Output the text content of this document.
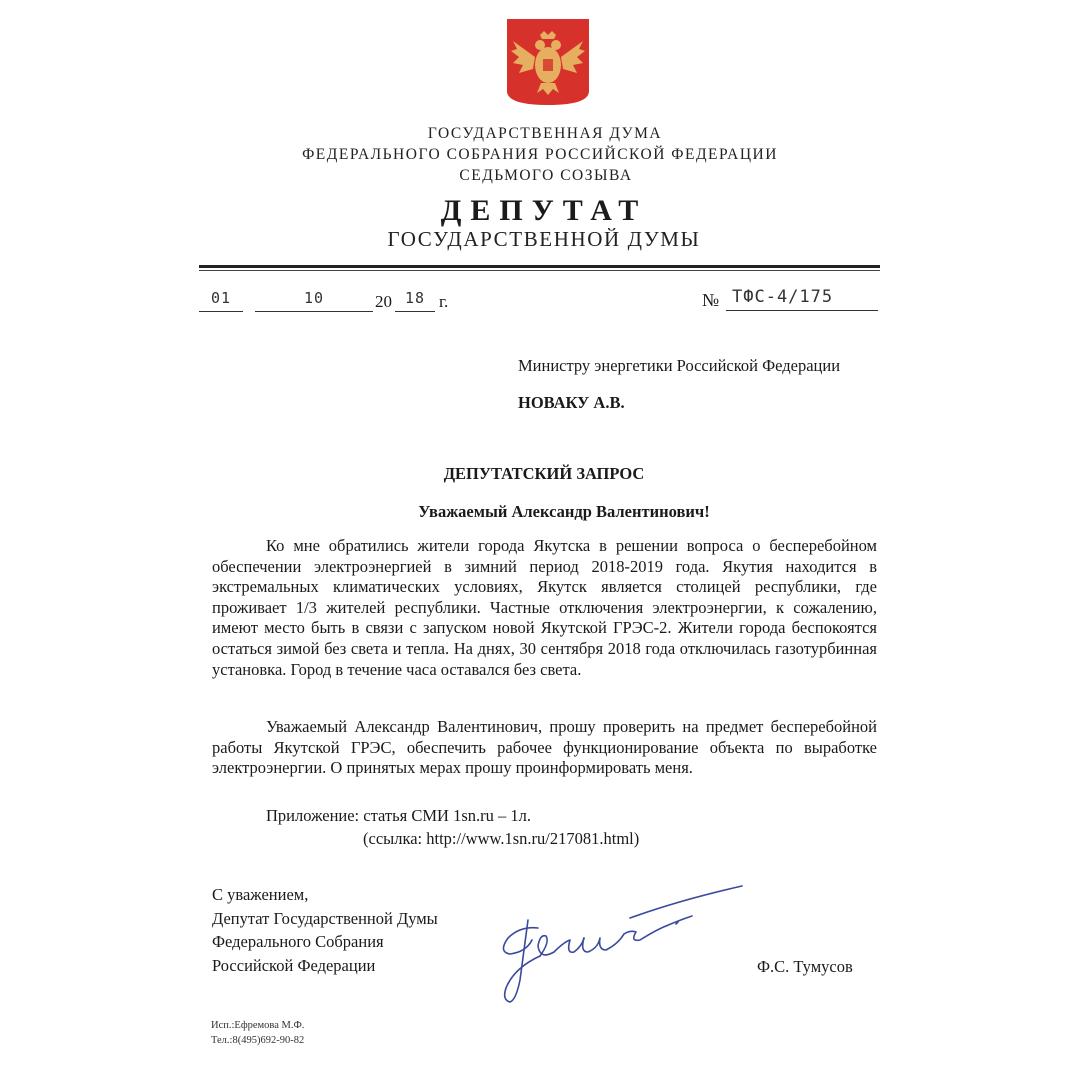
ГОСУДАРСТВЕННАЯ ДУМА
ФЕДЕРАЛЬНОГО СОБРАНИЯ РОССИЙСКОЙ ФЕДЕРАЦИИ
СЕДЬМОГО СОЗЫВА
ДЕПУТАТ
ГОСУДАРСТВЕННОЙ ДУМЫ
01	10	20 18 г.	№ ТФС-4/175
Министру энергетики Российской Федерации
НОВАКУ А.В.
ДЕПУТАТСКИЙ ЗАПРОС
Уважаемый Александр Валентинович!

Ко мне обратились жители города Якутска в решении вопроса о бесперебойном обеспечении электроэнергией в зимний период 2018-2019 года. Якутия находится в экстремальных климатических условиях, Якутск является столицей республики, где проживает 1/3 жителей республики. Частные отключения электроэнергии, к сожалению, имеют место быть в связи с запуском новой Якутской ГРЭС-2. Жители города беспокоятся остаться зимой без света и тепла. На днях, 30 сентября 2018 года отключилась газотурбинная установка. Город в течение часа оставался без света.

Уважаемый Александр Валентинович, прошу проверить на предмет бесперебойной работы Якутской ГРЭС, обеспечить рабочее функционирование объекта по выработке электроэнергии. О принятых мерах прошу проинформировать меня.

Приложение: статья СМИ 1sn.ru – 1л.
(ссылка: http://www.1sn.ru/217081.html)
С уважением,
Депутат Государственной Думы
Федерального Собрания
Российской Федерации	Ф.С. Тумусов
Исп.:Ефремова М.Ф.
Тел.:8(495)692-90-82
